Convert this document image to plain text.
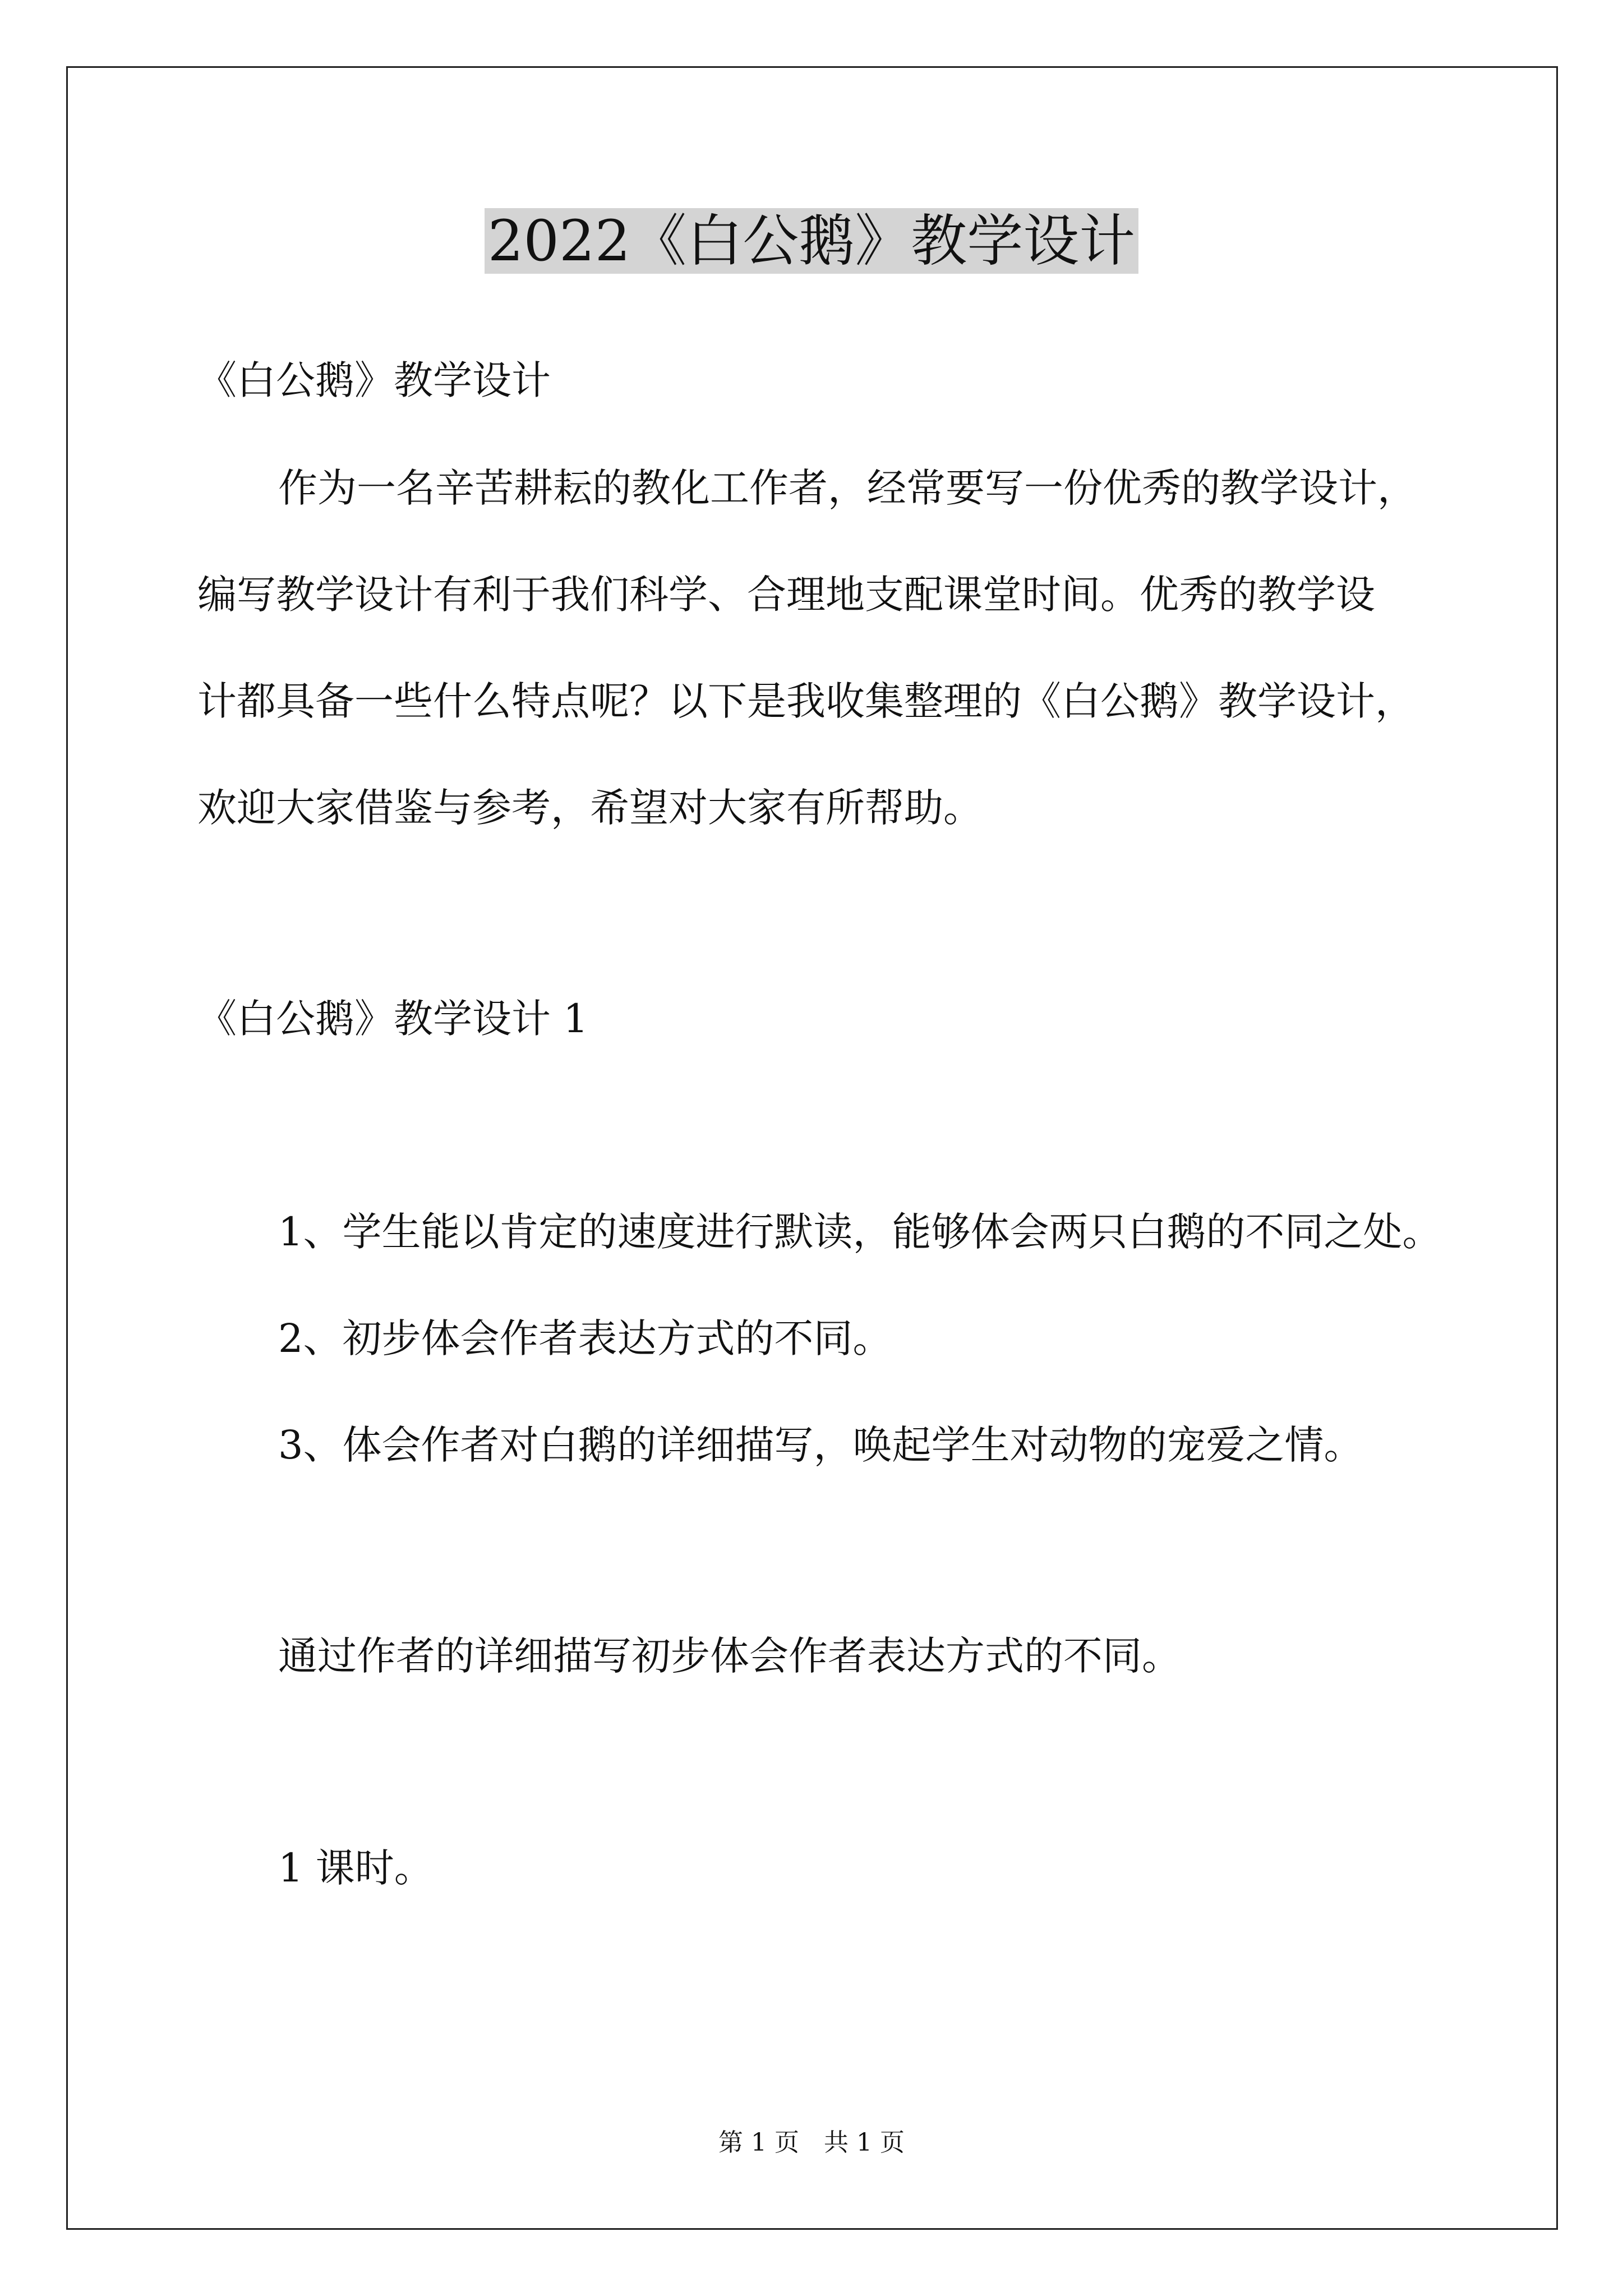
2022《白公鹅》教学设计

《白公鹅》教学设计

作为一名辛苦耕耘的教化工作者，经常要写一份优秀的教学设计，

编写教学设计有利于我们科学、合理地支配课堂时间。优秀的教学设

计都具备一些什么特点呢？以下是我收集整理的《白公鹅》教学设计，

欢迎大家借鉴与参考，希望对大家有所帮助。

《白公鹅》教学设计 1

1、学生能以肯定的速度进行默读，能够体会两只白鹅的不同之处。

2、初步体会作者表达方式的不同。

3、体会作者对白鹅的详细描写，唤起学生对动物的宠爱之情。

通过作者的详细描写初步体会作者表达方式的不同。

1 课时。

第 1 页　共 1 页
